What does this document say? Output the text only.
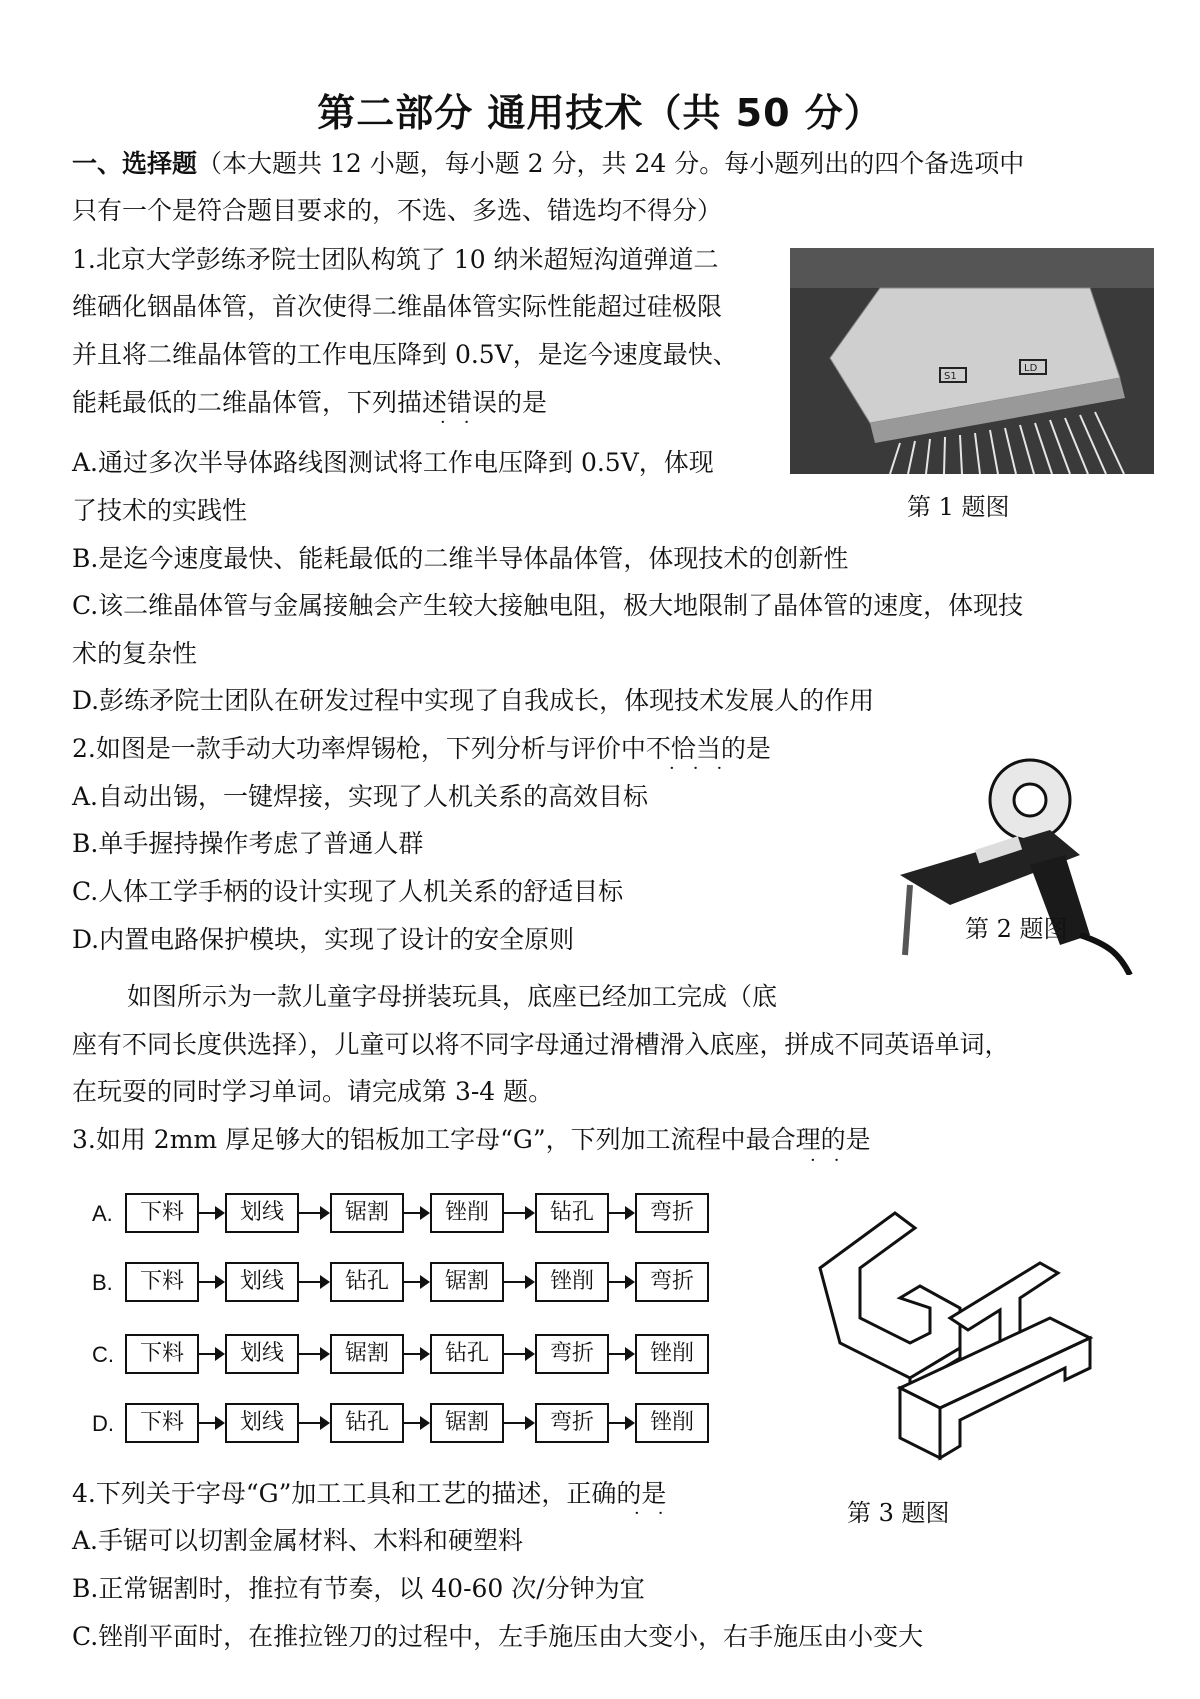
第二部分 通用技术（共 50 分）
一、选择题（本大题共 12 小题，每小题 2 分，共 24 分。每小题列出的四个备选项中
只有一个是符合题目要求的，不选、多选、错选均不得分）
1.北京大学彭练矛院士团队构筑了 10 纳米超短沟道弹道二
维硒化铟晶体管，首次使得二维晶体管实际性能超过硅极限
并且将二维晶体管的工作电压降到 0.5V，是迄今速度最快、
能耗最低的二维晶体管，下列描述错误的是
··
S1
LD
第 1 题图
A.通过多次半导体路线图测试将工作电压降到 0.5V，体现
了技术的实践性
B.是迄今速度最快、能耗最低的二维半导体晶体管，体现技术的创新性
C.该二维晶体管与金属接触会产生较大接触电阻，极大地限制了晶体管的速度，体现技
术的复杂性
D.彭练矛院士团队在研发过程中实现了自我成长，体现技术发展人的作用
2.如图是一款手动大功率焊锡枪，下列分析与评价中不恰当的是
···
A.自动出锡，一键焊接，实现了人机关系的高效目标
B.单手握持操作考虑了普通人群
C.人体工学手柄的设计实现了人机关系的舒适目标
D.内置电路保护模块，实现了设计的安全原则	第 2 题图
如图所示为一款儿童字母拼装玩具，底座已经加工完成（底
座有不同长度供选择），儿童可以将不同字母通过滑槽滑入底座，拼成不同英语单词，
在玩耍的同时学习单词。请完成第 3-4 题。
3.如用 2mm 厚足够大的铝板加工字母“G”，下列加工流程中最合理的是
··
A.	下料	划线	锯割	锉削	钻孔	弯折
B.	下料	划线	钻孔	锯割	锉削	弯折
C.	下料	划线	锯割	钻孔	弯折	锉削
D.	下料	划线	钻孔	锯割	弯折	锉削
第 3 题图
4.下列关于字母“G”加工工具和工艺的描述，正确的是
··
A.手锯可以切割金属材料、木料和硬塑料
B.正常锯割时，推拉有节奏，以 40-60 次/分钟为宜
C.锉削平面时，在推拉锉刀的过程中，左手施压由大变小，右手施压由小变大
